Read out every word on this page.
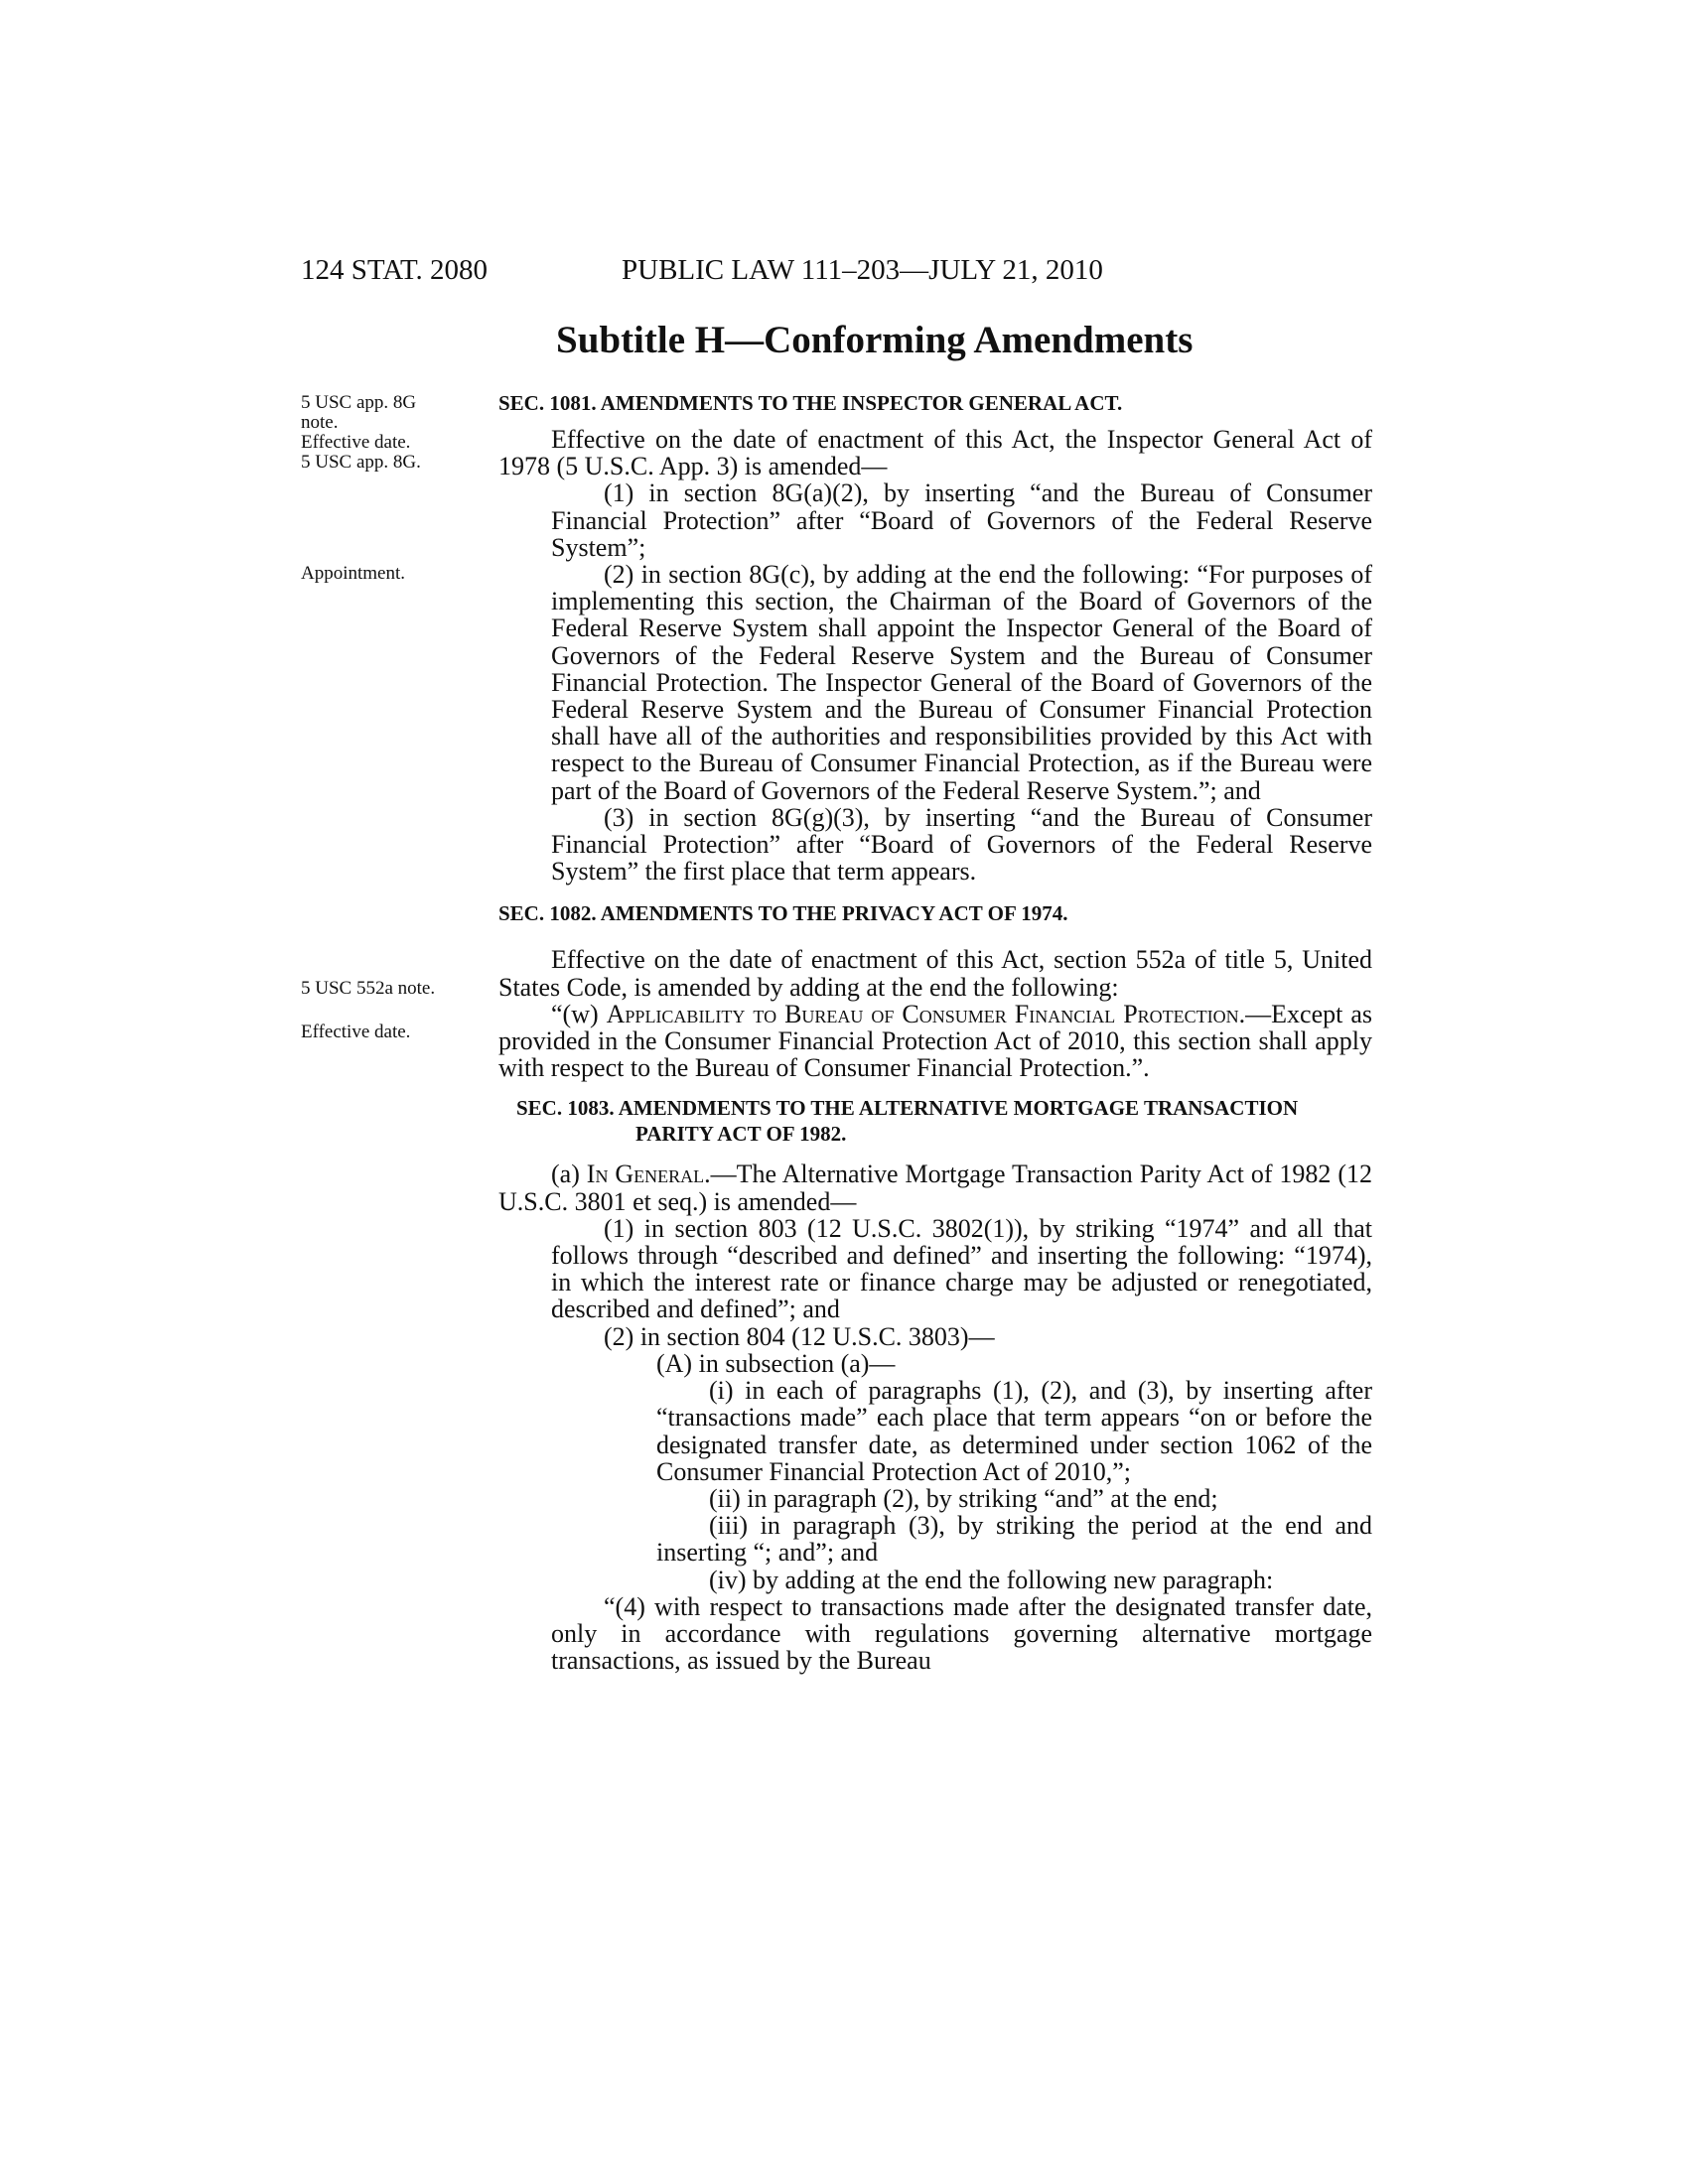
124 STAT. 2080	PUBLIC LAW 111–203—JULY 21, 2010
Subtitle H—Conforming Amendments
5 USC app. 8G
note.
Effective date.
5 USC app. 8G.
Appointment.
5 USC 552a note.
Effective date.

SEC. 1081. AMENDMENTS TO THE INSPECTOR GENERAL ACT.

Effective on the date of enactment of this Act, the Inspector General Act of 1978 (5 U.S.C. App. 3) is amended—

(1) in section 8G(a)(2), by inserting “and the Bureau of Consumer Financial Protection” after “Board of Governors of the Federal Reserve System”;

(2) in section 8G(c), by adding at the end the following: “For purposes of implementing this section, the Chairman of the Board of Governors of the Federal Reserve System shall appoint the Inspector General of the Board of Governors of the Federal Reserve System and the Bureau of Consumer Financial Protection. The Inspector General of the Board of Governors of the Federal Reserve System and the Bureau of Consumer Financial Protection shall have all of the authorities and responsibilities provided by this Act with respect to the Bureau of Consumer Financial Protection, as if the Bureau were part of the Board of Governors of the Federal Reserve System.”; and

(3) in section 8G(g)(3), by inserting “and the Bureau of Consumer Financial Protection” after “Board of Governors of the Federal Reserve System” the first place that term appears.

SEC. 1082. AMENDMENTS TO THE PRIVACY ACT OF 1974.

Effective on the date of enactment of this Act, section 552a of title 5, United States Code, is amended by adding at the end the following:

“(w) Applicability to Bureau of Consumer Financial Protection.—Except as provided in the Consumer Financial Protection Act of 2010, this section shall apply with respect to the Bureau of Consumer Financial Protection.”.

SEC. 1083. AMENDMENTS TO THE ALTERNATIVE MORTGAGE TRANSACTION PARITY ACT OF 1982.

(a) In General.—The Alternative Mortgage Transaction Parity Act of 1982 (12 U.S.C. 3801 et seq.) is amended—

(1) in section 803 (12 U.S.C. 3802(1)), by striking “1974” and all that follows through “described and defined” and inserting the following: “1974), in which the interest rate or finance charge may be adjusted or renegotiated, described and defined”; and

(2) in section 804 (12 U.S.C. 3803)—

(A) in subsection (a)—

(i) in each of paragraphs (1), (2), and (3), by inserting after “transactions made” each place that term appears “on or before the designated transfer date, as determined under section 1062 of the Consumer Financial Protection Act of 2010,”;

(ii) in paragraph (2), by striking “and” at the end;

(iii) in paragraph (3), by striking the period at the end and inserting “; and”; and

(iv) by adding at the end the following new paragraph:

“(4) with respect to transactions made after the designated transfer date, only in accordance with regulations governing alternative mortgage transactions, as issued by the Bureau
